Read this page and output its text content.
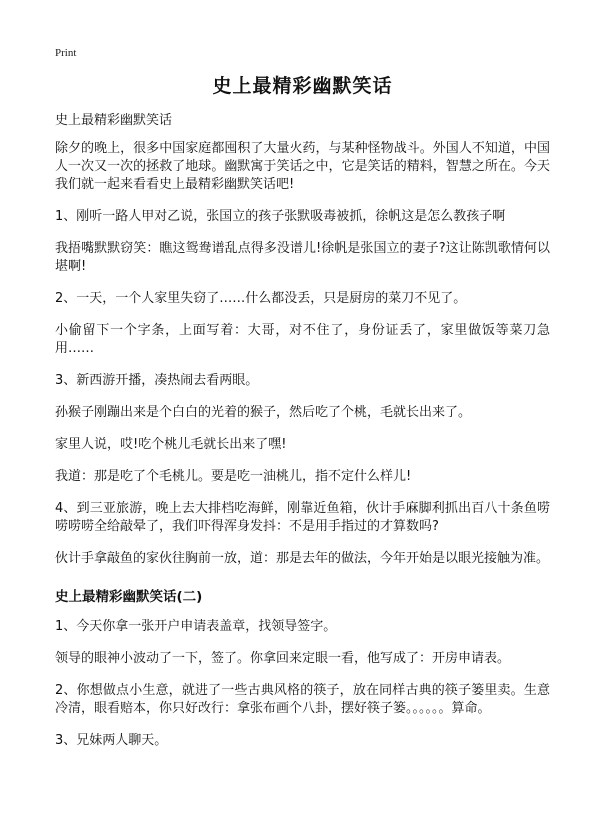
Print
史上最精彩幽默笑话
史上最精彩幽默笑话

除夕的晚上，很多中国家庭都囤积了大量火药，与某种怪物战斗。外国人不知道，中国人一次又一次的拯救了地球。幽默寓于笑话之中，它是笑话的精料，智慧之所在。今天我们就一起来看看史上最精彩幽默笑话吧!

1、刚听一路人甲对乙说，张国立的孩子张默吸毒被抓，徐帆这是怎么教孩子啊

我捂嘴默默窃笑：瞧这鸳鸯谱乱点得多没谱儿!徐帆是张国立的妻子?这让陈凯歌情何以堪啊!

2、一天，一个人家里失窃了……什么都没丢，只是厨房的菜刀不见了。

小偷留下一个字条，上面写着：大哥，对不住了，身份证丢了，家里做饭等菜刀急用……

3、新西游开播，凑热闹去看两眼。

孙猴子刚蹦出来是个白白的光着的猴子，然后吃了个桃，毛就长出来了。

家里人说，哎!吃个桃儿毛就长出来了嘿!

我道：那是吃了个毛桃儿。要是吃一油桃儿，指不定什么样儿!

4、到三亚旅游，晚上去大排档吃海鲜，刚靠近鱼箱，伙计手麻脚利抓出百八十条鱼唠唠唠唠全给敲晕了，我们吓得浑身发抖：不是用手指过的才算数吗?

伙计手拿敲鱼的家伙往胸前一放，道：那是去年的做法，今年开始是以眼光接触为准。

史上最精彩幽默笑话(二)

1、今天你拿一张开户申请表盖章，找领导签字。

领导的眼神小波动了一下，签了。你拿回来定眼一看，他写成了：开房申请表。

2、你想做点小生意，就进了一些古典风格的筷子，放在同样古典的筷子篓里卖。生意冷清，眼看赔本，你只好改行：拿张布画个八卦，摆好筷子篓。。。。。。算命。

3、兄妹两人聊天。
